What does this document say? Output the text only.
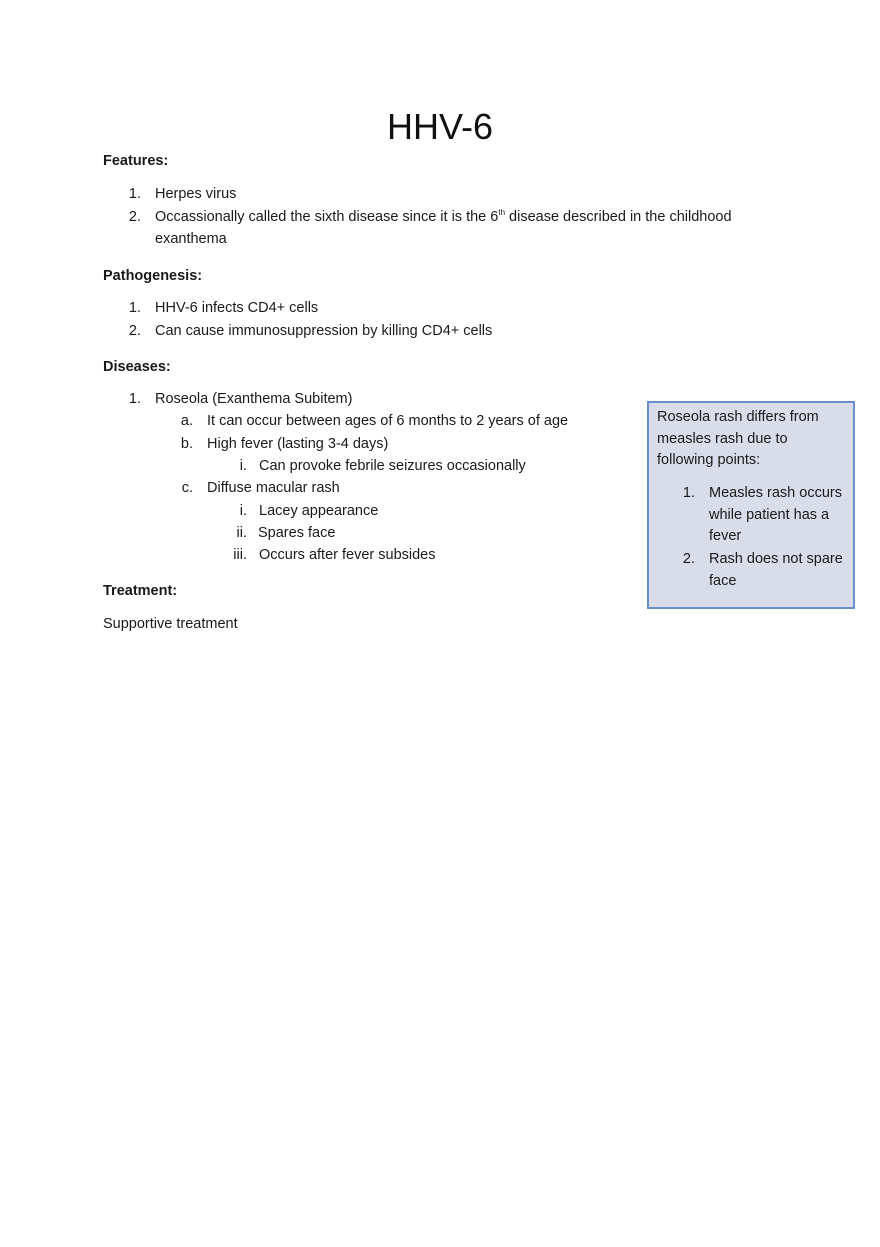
HHV-6
Features:
1. Herpes virus
2. Occassionally called the sixth disease since it is the 6th disease described in the childhood
exanthema
Pathogenesis:
1. HHV-6 infects CD4+ cells
2. Can cause immunosuppression by killing CD4+ cells
Diseases:
1. Roseola (Exanthema Subitem)
a. It can occur between ages of 6 months to 2 years of age
b. High fever (lasting 3-4 days)
i. Can provoke febrile seizures occasionally
c. Diffuse macular rash
i. Lacey appearance
ii. Spares face
iii. Occurs after fever subsides
Treatment:
Supportive treatment
Roseola rash differs from
measles rash due to
following points:
1. Measles rash occurs
while patient has a
fever
2. Rash does not spare
face
